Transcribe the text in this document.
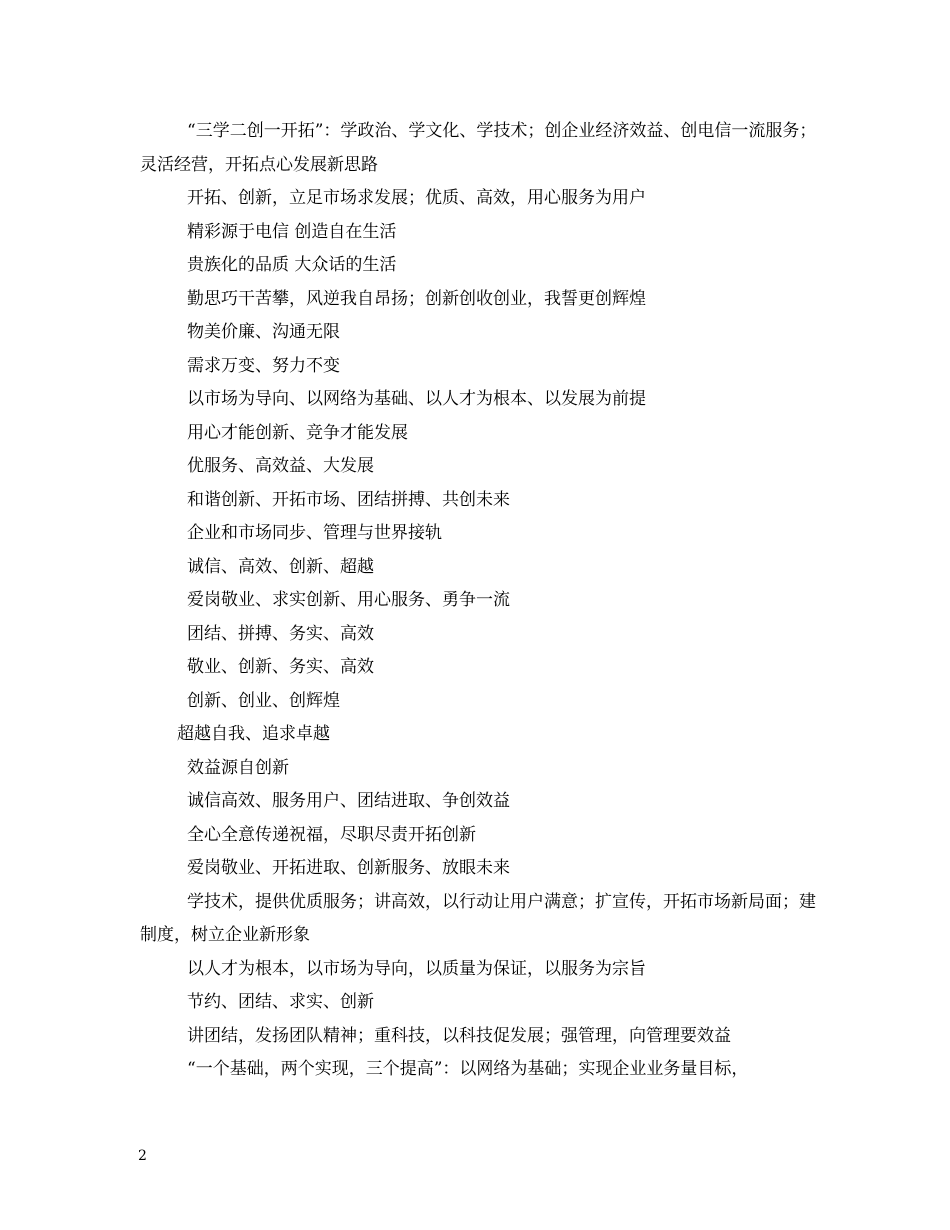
“三学二创一开拓”：学政治、学文化、学技术；创企业经济效益、创电信一流服务；灵活经营，开拓点心发展新思路

开拓、创新，立足市场求发展；优质、高效，用心服务为用户

精彩源于电信 创造自在生活

贵族化的品质 大众话的生活

勤思巧干苦攀，风逆我自昂扬；创新创收创业，我誓更创辉煌

物美价廉、沟通无限

需求万变、努力不变

以市场为导向、以网络为基础、以人才为根本、以发展为前提

用心才能创新、竞争才能发展

优服务、高效益、大发展

和谐创新、开拓市场、团结拼搏、共创未来

企业和市场同步、管理与世界接轨

诚信、高效、创新、超越

爱岗敬业、求实创新、用心服务、勇争一流

团结、拼搏、务实、高效

敬业、创新、务实、高效

创新、创业、创辉煌

超越自我、追求卓越

效益源自创新

诚信高效、服务用户、团结进取、争创效益

全心全意传递祝福，尽职尽责开拓创新

爱岗敬业、开拓进取、创新服务、放眼未来

学技术，提供优质服务；讲高效，以行动让用户满意；扩宣传，开拓市场新局面；建制度，树立企业新形象

以人才为根本，以市场为导向，以质量为保证，以服务为宗旨

节约、团结、求实、创新

讲团结，发扬团队精神；重科技，以科技促发展；强管理，向管理要效益

“一个基础，两个实现，三个提高”：以网络为基础；实现企业业务量目标，

2
